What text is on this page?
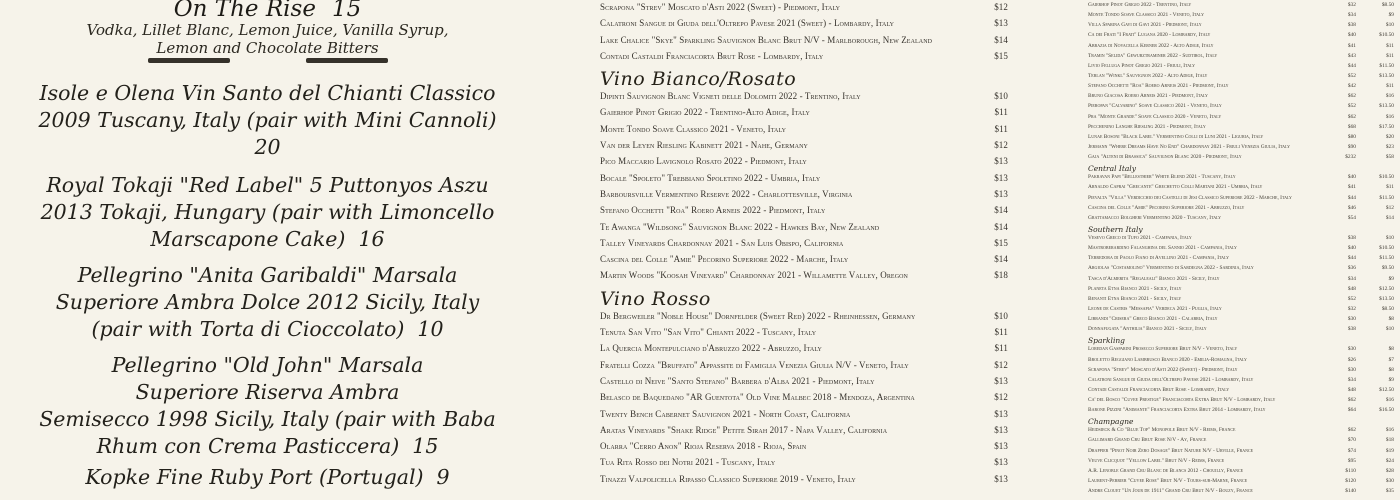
On The Rise 15
Vodka, Lillet Blanc, Lemon Juice, Vanilla Syrup,
Lemon and Chocolate Bitters
Isole e Olena Vin Santo del Chianti Classico
2009 Tuscany, Italy (pair with Mini Cannoli)
20
Royal Tokaji "Red Label" 5 Puttonyos Aszu
2013 Tokaji, Hungary (pair with Limoncello
Marscapone Cake)  16
Pellegrino "Anita Garibaldi" Marsala
Superiore Ambra Dolce 2012 Sicily, Italy
(pair with Torta di Cioccolato)  10
Pellegrino "Old John" Marsala
Superiore Riserva Ambra
Semisecco 1998 Sicily, Italy (pair with Baba
Rhum con Crema Pasticcera)  15
Kopke Fine Ruby Port (Portugal)  9
Scrapona "Strev" Moscato d'Asti 2022 (Sweet) - Piedmont, Italy	$12
Calatroni Sangue di Giuda dell'Oltrepo Pavese 2021 (Sweet) - Lombardy, Italy	$13
Lake Chalice "Skye" Sparkling Sauvignon Blanc Brut N/V - Marlborough, New Zealand	$14
Contadi Castaldi Franciacorta Brut Rose - Lombardy, Italy	$15
Vino Bianco/Rosato
Dipinti Sauvignon Blanc Vigneti delle Dolomiti 2022 - Trentino, Italy	$10
Gaierhof Pinot Grigio 2022 - Trentino-Alto Adige, Italy	$11
Monte Tondo Soave Classico 2021 - Veneto, Italy	$11
Van der Leyen Riesling Kabinett 2021 - Nahe, Germany	$12
Pico Maccario Lavignolo Rosato 2022 - Piedmont, Italy	$13
Bocale "Spoleto" Trebbiano Spoletino 2022 - Umbria, Italy	$13
Barboursville Vermentino Reserve 2022 - Charlottesville, Virginia	$13
Stefano Occhetti "Roa" Roero Arneis 2022 - Piedmont, Italy	$14
Te Awanga "Wildsong" Sauvignon Blanc 2022 - Hawkes Bay, New Zealand	$14
Talley Vineyards Chardonnay 2021 - San Luis Obispo, California	$15
Cascina del Colle "Amie" Pecorino Superiore 2022 - Marche, Italy	$14
Martin Woods "Koosah Vineyard" Chardonnay 2021 - Willamette Valley, Oregon	$18
Vino Rosso
Dr Bergweiler "Noble House" Dornfelder (Sweet Red) 2022 - Rheinhessen, Germany	$10
Tenuta San Vito "San Vito" Chianti 2022 - Tuscany, Italy	$11
La Quercia Montepulciano d'Abruzzo 2022 - Abruzzo, Italy	$11
Fratelli Cozza "Bruffato" Appassite di Famiglia Venezia Giulia N/V - Veneto, Italy	$12
Castello di Neive "Santo Stefano" Barbera d'Alba 2021 - Piedmont, Italy	$13
Belasco de Baquedano "AR Guentota" Old Vine Malbec 2018 - Mendoza, Argentina	$12
Twenty Bench Cabernet Sauvignon 2021 - North Coast, California	$13
Aratas Vineyards "Shake Ridge" Petite Sirah 2017 - Napa Valley, California	$13
Olarra "Cerro Anon" Rioja Reserva 2018 - Rioja, Spain	$13
Tua Rita Rosso dei Notri 2021 - Tuscany, Italy	$13
Tinazzi Valpolicella Ripasso Classico Superiore 2019 - Veneto, Italy	$13
Gaierhof Pinot Grigio 2022 - Trentino, Italy	$32	$8.50
Monte Tondo Soave Classico 2021 - Veneto, Italy	$34	$9
Villa Sparina Gavi di Gavi 2021 - Piedmont, Italy	$38	$10
Ca dei Frati "I Frati" Lugana 2020 - Lombardy, Italy	$40	$10.50
Abbazia di Novacella Kerner 2022 - Alto Adige, Italy	$41	$11
Tramin "Selida" Gewurztraminer 2022 - Sudtirol, Italy	$43	$11
Livio Felluga Pinot Grigio 2021 - Friuli, Italy	$44	$11.50
Terlan "Winkl" Sauvignon 2022 - Alto Adige, Italy	$52	$13.50
Stefano Occhetti "Roa" Roero Arneis 2021 - Piedmont, Italy	$42	$11
Bruno Giacosa Roero Arneis 2021 - Piedmont, Italy	$62	$16
Pieropan "Calvarino" Soave Classico 2021 - Veneto, Italy	$52	$13.50
Pra "Monte Grande" Soave Classico 2020 - Veneto, Italy	$62	$16
Pecchenino Langhe Riesling 2021 - Piedmont, Italy	$68	$17.50
Lunae Bosoni "Black Label" Vermentino Colli di Luni 2021 - Liguria, Italy	$80	$20
Jermann "Where Dreams Have No End" Chardonnay 2021 - Friuli Venezia Giulia, Italy	$90	$23
Gaja "Alteni di Brassica" Sauvignon Blanc 2020 - Piedmont, Italy	$232	$58
Central Italy
Pakravan Papi "Bellesthier" White Blend 2021 - Tuscany, Italy	$40	$10.50
Arnaldo Caprai "Grecante" Grechetto Colli Martani 2021 - Umbria, Italy	$41	$11
Pievalta "Villa" Verdicchio dei Castelli di Jesi Classico Superiore 2022 - Marche, Italy	$44	$11.50
Cascina del Colle "Amie" Pecorino Superiore 2021 - Abruzzo, Italy	$46	$12
Grattamacco Bolgheri Vermentino 2020 - Tuscany, Italy	$54	$14
Southern Italy
Vesevo Greco di Tufo 2021 - Campania, Italy	$38	$10
Mastroberardino Falanghina del Sannio 2021 - Campania, Italy	$40	$10.50
Terredora di Paolo Fiano di Avellino 2021 - Campania, Italy	$44	$11.50
Argiolas "Costamolino" Vermentino di Sardegna 2022 - Sardinia, Italy	$36	$9.50
Tasca d'Almerita "Regaleali" Bianco 2021 - Sicily, Italy	$34	$9
Planeta Etna Bianco 2021 - Sicily, Italy	$48	$12.50
Benanti Etna Bianco 2021 - Sicily, Italy	$52	$13.50
Leone de Castris "Messapia" Verdeca 2021 - Puglia, Italy	$32	$8.50
Librandi "Crisera" Greco Bianco 2021 - Calabria, Italy	$30	$8
Donnafugata "Anthilia" Bianco 2021 - Sicily, Italy	$38	$10
Sparkling
Loredan Gasparini Prosecco Superiore Brut N/V - Veneto, Italy	$30	$8
Broletto Reggiano Lambrusco Bianco 2020 - Emilia-Romagna, Italy	$26	$7
Scrapona "Strev" Moscato d'Asti 2022 (Sweet) - Piedmont, Italy	$30	$8
Calatroni Sangue di Giuda dell'Oltrepo Pavese 2021 - Lombardy, Italy	$34	$9
Contadi Castaldi Franciacorta Brut Rose - Lombardy, Italy	$48	$12.50
Ca' del Bosco "Cuvee Prestige" Franciacorta Extra Brut N/V - Lombardy, Italy	$62	$16
Barone Pizzini "Animante" Franciacorta Extra Brut 2014 - Lombardy, Italy	$64	$16.50
Champagne
Heidsieck & Co "Blue Top" Monopole Brut N/V - Reims, France	$62	$16
Gallimard Grand Cru Brut Rose N/V - Ay, France	$70	$18
Drappier "Pinot Noir Zero Dosage" Brut Nature N/V - Urville, France	$74	$19
Veuve Clicquot "Yellow Label" Brut N/V - Reims, France	$95	$24
A.R. Lenoble Grand Cru Blanc de Blancs 2012 - Chouilly, France	$110	$28
Laurent-Perrier "Cuvee Rose" Brut N/V - Tours-sur-Marne, France	$120	$30
Andre Clouet "Un Jour de 1911" Grand Cru Brut N/V - Bouzy, France	$140	$35
